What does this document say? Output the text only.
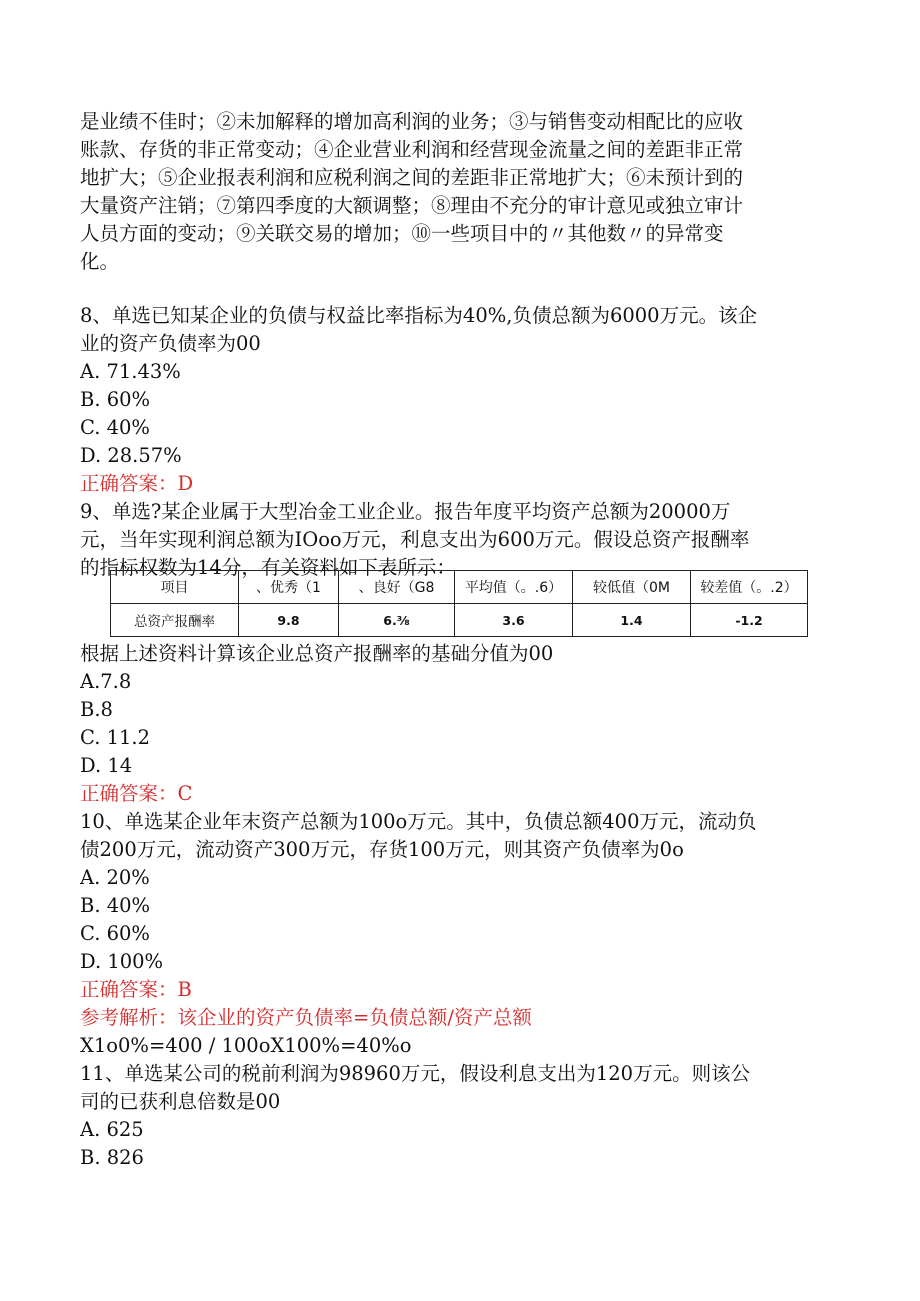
是业绩不佳时；②未加解释的增加高利润的业务；③与销售变动相配比的应收
账款、存货的非正常变动；④企业营业利润和经营现金流量之间的差距非正常
地扩大；⑤企业报表利润和应税利润之间的差距非正常地扩大；⑥未预计到的
大量资产注销；⑦第四季度的大额调整；⑧理由不充分的审计意见或独立审计
人员方面的变动；⑨关联交易的增加；⑩一些项目中的〃其他数〃的异常变
化。
8、单选已知某企业的负债与权益比率指标为40%,负债总额为6000万元。该企
业的资产负债率为00
A. 71.43%
B. 60%
C. 40%
D. 28.57%
正确答案：D
9、单选?某企业属于大型冶金工业企业。报告年度平均资产总额为20000万
元，当年实现利润总额为IOoo万元，利息支出为600万元。假设总资产报酬率
的指标权数为14分，有关资料如下表所示：
根据上述资料计算该企业总资产报酬率的基础分值为00
A.7.8
B.8
C. 11.2
D. 14
正确答案：C
10、单选某企业年末资产总额为100o万元。其中，负债总额400万元，流动负
债200万元，流动资产300万元，存货100万元，则其资产负债率为0o
A. 20%
B. 40%
C. 60%
D. 100%
正确答案：B
参考解析：该企业的资产负债率=负债总额/资产总额
X1o0%=400 / 100oX100%=40%o
11、单选某公司的税前利润为98960万元，假设利息支出为120万元。则该公
司的已获利息倍数是00
A. 625
B. 826
项目	、优秀（1	、良好（G8	平均值（。.6）	较低值（0M	较差值（。.2）
总资产报酬率	9.8	6.⅜	3.6	1.4	-1.2
